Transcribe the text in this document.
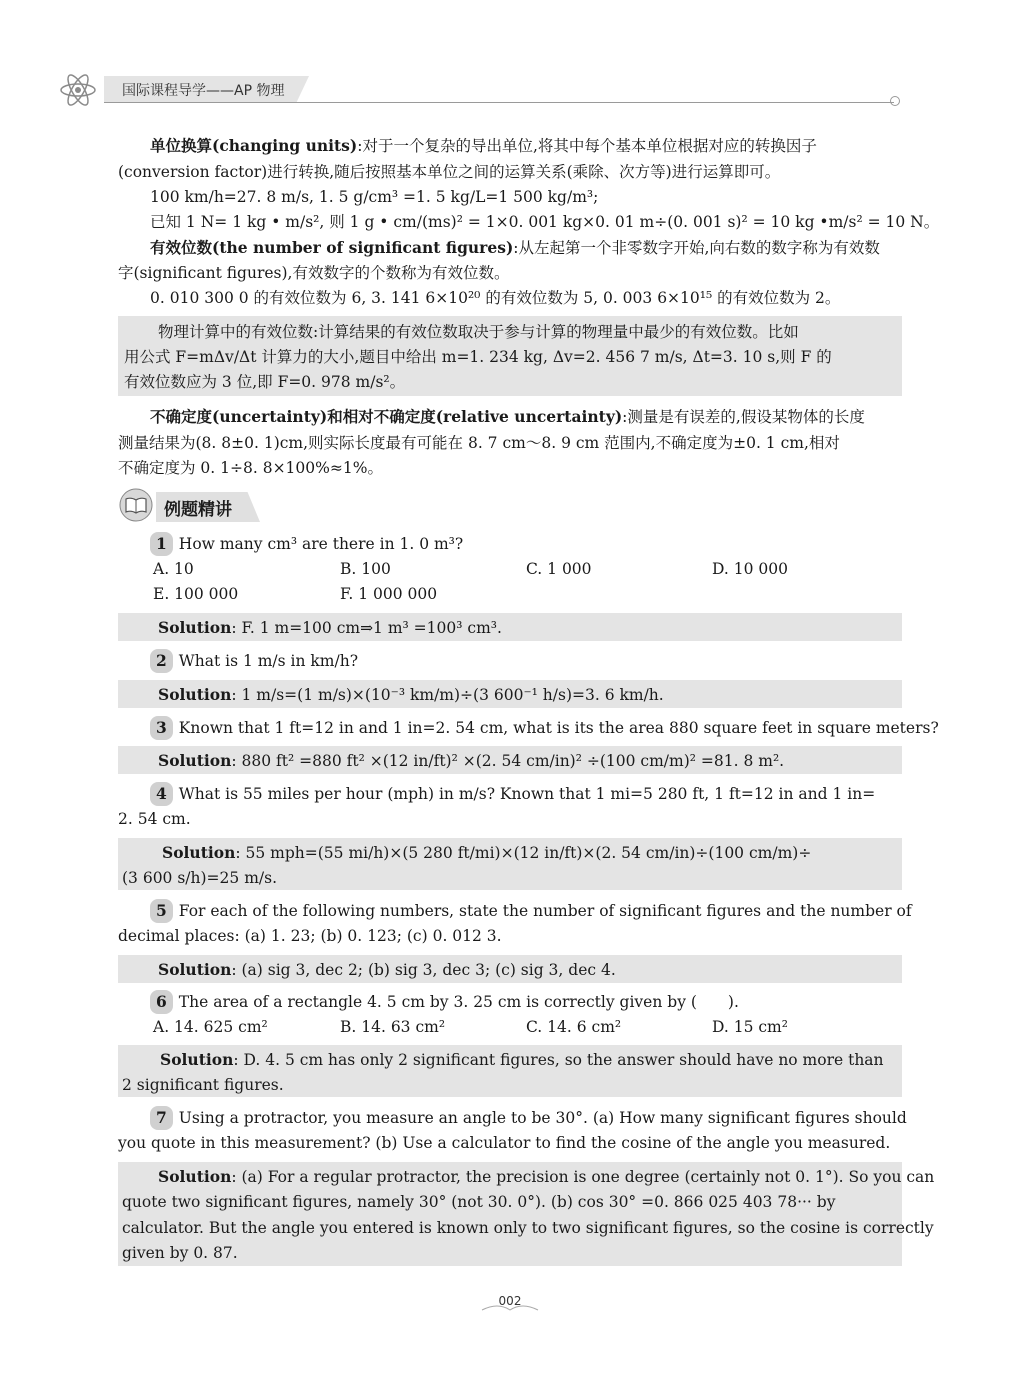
国际课程导学——AP 物理
单位换算(changing units):对于一个复杂的导出单位,将其中每个基本单位根据对应的转换因子
(conversion factor)进行转换,随后按照基本单位之间的运算关系(乘除、次方等)进行运算即可。
100 km/h=27. 8 m/s, 1. 5 g/cm³ =1. 5 kg/L=1 500 kg/m³;
已知 1 N= 1 kg • m/s², 则 1 g • cm/(ms)² = 1×0. 001 kg×0. 01 m÷(0. 001 s)² = 10 kg •m/s² = 10 N。
有效位数(the number of significant figures):从左起第一个非零数字开始,向右数的数字称为有效数
字(significant figures),有效数字的个数称为有效位数。
0. 010 300 0 的有效位数为 6, 3. 141 6×10²⁰ 的有效位数为 5, 0. 003 6×10¹⁵ 的有效位数为 2。
物理计算中的有效位数:计算结果的有效位数取决于参与计算的物理量中最少的有效位数。比如
用公式 F=mΔv/Δt 计算力的大小,题目中给出 m=1. 234 kg, Δv=2. 456 7 m/s, Δt=3. 10 s,则 F 的
有效位数应为 3 位,即 F=0. 978 m/s²。
不确定度(uncertainty)和相对不确定度(relative uncertainty):测量是有误差的,假设某物体的长度
测量结果为(8. 8±0. 1)cm,则实际长度最有可能在 8. 7 cm～8. 9 cm 范围内,不确定度为±0. 1 cm,相对
不确定度为 0. 1÷8. 8×100%≈1%。
例题精讲
1 How many cm³ are there in 1. 0 m³?
A. 10	B. 100	C. 1 000	D. 10 000
E. 100 000	F. 1 000 000
Solution: F. 1 m=100 cm⇒1 m³ =100³ cm³.
2 What is 1 m/s in km/h?
Solution: 1 m/s=(1 m/s)×(10⁻³ km/m)÷(3 600⁻¹ h/s)=3. 6 km/h.
3 Known that 1 ft=12 in and 1 in=2. 54 cm, what is its the area 880 square feet in square meters?
Solution: 880 ft² =880 ft² ×(12 in/ft)² ×(2. 54 cm/in)² ÷(100 cm/m)² =81. 8 m².
4 What is 55 miles per hour (mph) in m/s? Known that 1 mi=5 280 ft, 1 ft=12 in and 1 in=
2. 54 cm.
Solution: 55 mph=(55 mi/h)×(5 280 ft/mi)×(12 in/ft)×(2. 54 cm/in)÷(100 cm/m)÷
(3 600 s/h)=25 m/s.
5 For each of the following numbers, state the number of significant figures and the number of
decimal places: (a) 1. 23; (b) 0. 123; (c) 0. 012 3.
Solution: (a) sig 3, dec 2; (b) sig 3, dec 3; (c) sig 3, dec 4.
6 The area of a rectangle 4. 5 cm by 3. 25 cm is correctly given by (　　).
A. 14. 625 cm²	B. 14. 63 cm²	C. 14. 6 cm²	D. 15 cm²
Solution: D. 4. 5 cm has only 2 significant figures, so the answer should have no more than
2 significant figures.
7 Using a protractor, you measure an angle to be 30°. (a) How many significant figures should
you quote in this measurement? (b) Use a calculator to find the cosine of the angle you measured.
Solution: (a) For a regular protractor, the precision is one degree (certainly not 0. 1°). So you can
quote two significant figures, namely 30° (not 30. 0°). (b) cos 30° =0. 866 025 403 78··· by
calculator. But the angle you entered is known only to two significant figures, so the cosine is correctly
given by 0. 87.
002
